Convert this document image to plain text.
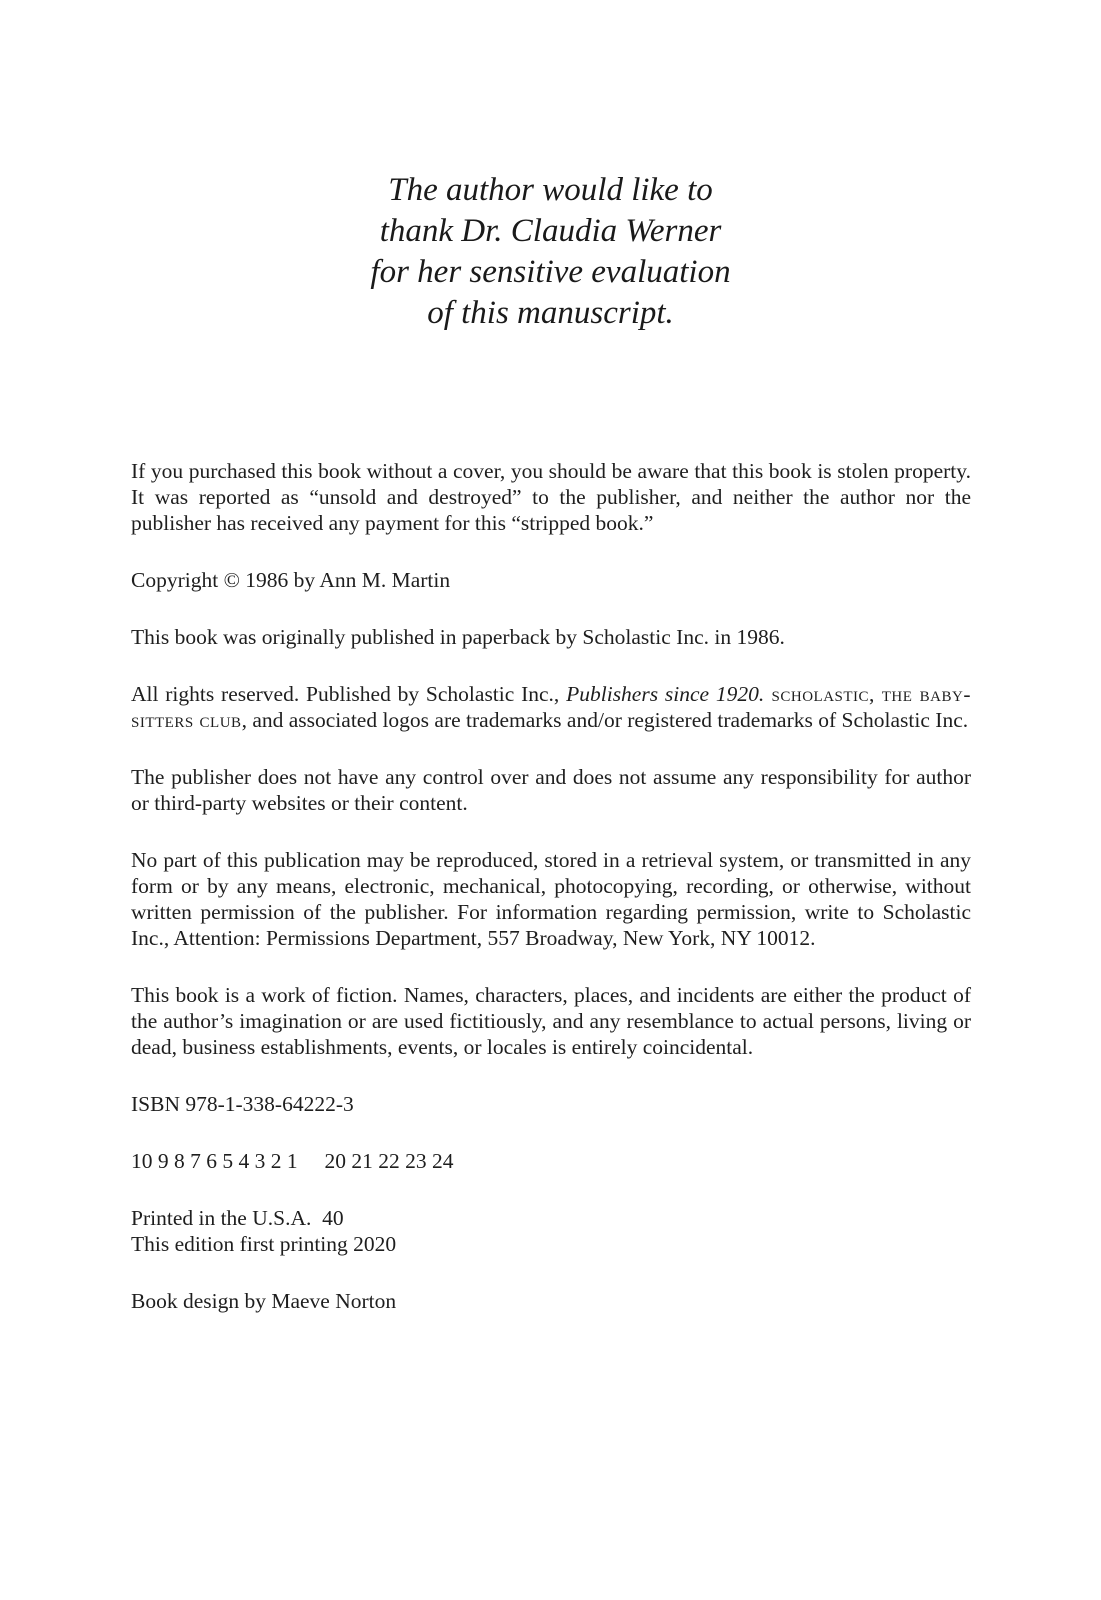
The author would like to
thank Dr. Claudia Werner
for her sensitive evaluation
of this manuscript.

If you purchased this book without a cover, you should be aware that this book is stolen property. It was reported as “unsold and destroyed” to the publisher, and neither the author nor the publisher has received any payment for this “stripped book.”

Copyright © 1986 by Ann M. Martin

This book was originally published in paperback by Scholastic Inc. in 1986.

All rights reserved. Published by Scholastic Inc., Publishers since 1920. scholastic, the baby-sitters club, and associated logos are trademarks and/or registered trademarks of Scholastic Inc.

The publisher does not have any control over and does not assume any responsibility for author or third-party websites or their content.

No part of this publication may be reproduced, stored in a retrieval system, or transmitted in any form or by any means, electronic, mechanical, photocopying, recording, or otherwise, without written permission of the publisher. For information regarding permission, write to Scholastic Inc., Attention: Permissions Department, 557 Broadway, New York, NY 10012.

This book is a work of fiction. Names, characters, places, and incidents are either the product of the author’s imagination or are used fictitiously, and any resemblance to actual persons, living or dead, business establishments, events, or locales is entirely coincidental.

ISBN 978-1-338-64222-3

10 9 8 7 6 5 4 3 2 1     20 21 22 23 24

Printed in the U.S.A.  40
This edition first printing 2020

Book design by Maeve Norton
